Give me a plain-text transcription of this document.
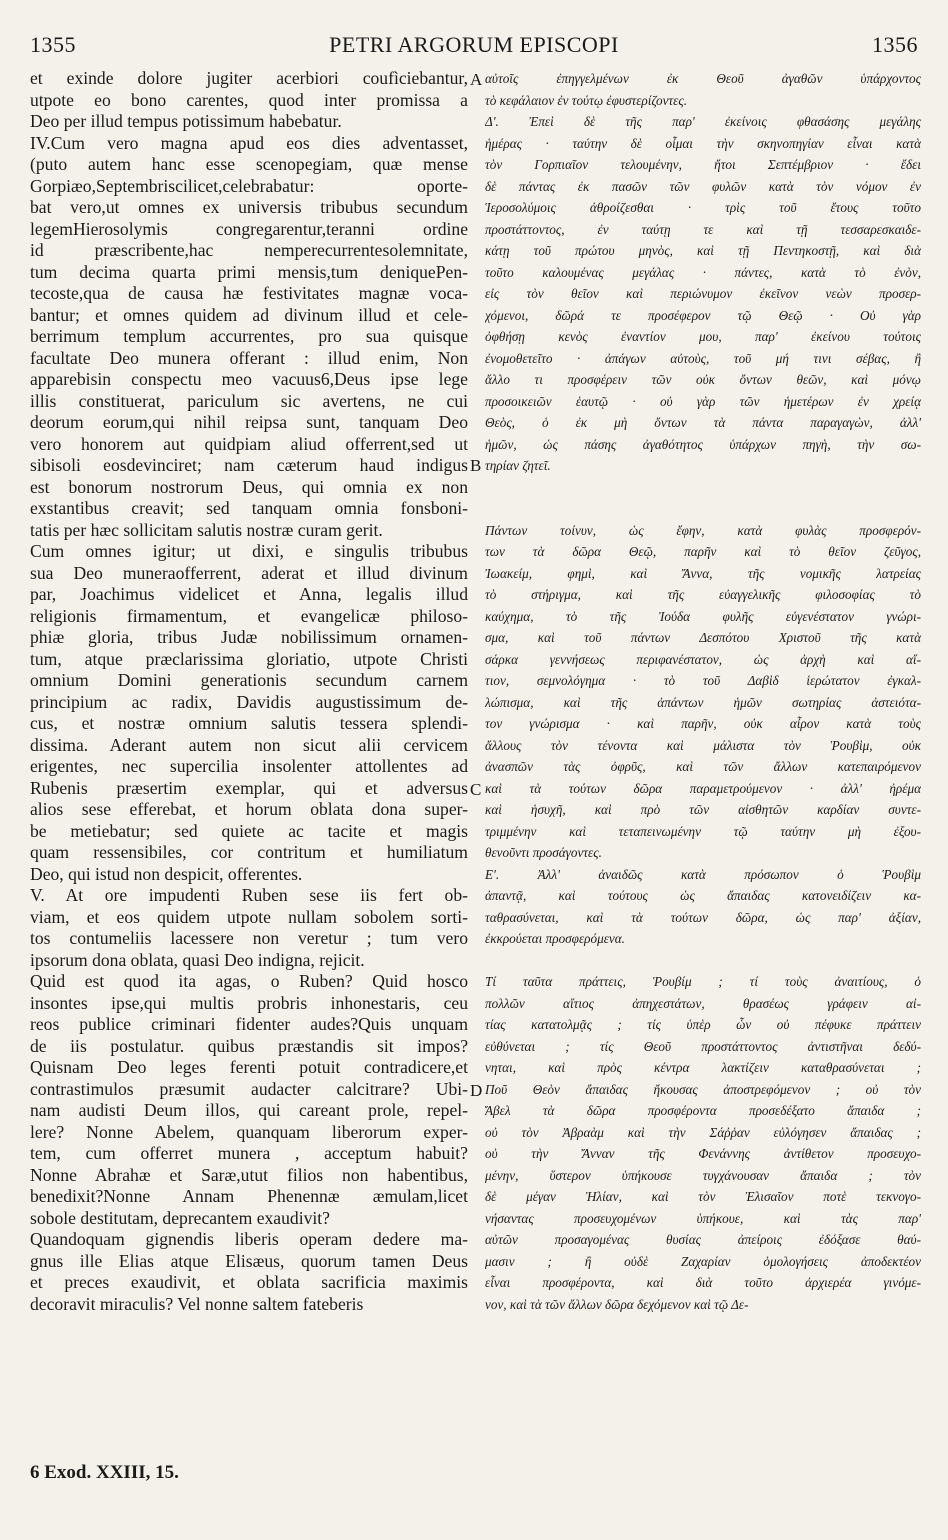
1355	PETRI ARGORUM EPISCOPI	1356
et exinde dolore jugiter acerbiori coufìciebantur,
utpote eo bono carentes, quod inter promissa a
Deo per illud tempus potissimum habebatur.
IV.Cum vero magna apud eos dies adventasset,
(puto autem hanc esse scenopegiam, quæ mense
Gorpiæo,Septembriscilicet,celebrabatur: oporte-
bat vero,ut omnes ex universis tribubus secundum
legemHierosolymis congregarentur,teranni ordine
id præscribente,hac nemperecurrentesolemnitate,
tum decima quarta primi mensis,tum deniquePen-
tecoste,qua de causa hæ festivitates magnæ voca-
bantur; et omnes quidem ad divinum illud et cele-
berrimum templum accurrentes, pro sua quisque
facultate Deo munera offerant : illud enim, Non
apparebisin conspectu meo vacuus6,Deus ipse lege
illis constituerat, pariculum sic avertens, ne cui
deorum eorum,qui nihil reipsa sunt, tanquam Deo
vero honorem aut quidpiam aliud offerrent,sed ut
sibisoli eosdevinciret; nam cæterum haud indigus
est bonorum nostrorum Deus, qui omnia ex non
exstantibus creavit; sed tanquam omnia fonsboni-
tatis per hæc sollicitam salutis nostræ curam gerit.
Cum omnes igitur; ut dixi, e singulis tribubus
sua Deo muneraofferrent, aderat et illud divinum
par, Joachimus videlicet et Anna, legalis illud
religionis firmamentum, et evangelicæ philoso-
phiæ gloria, tribus Judæ nobilissimum ornamen-
tum, atque præclarissima gloriatio, utpote Christi
omnium Domini generationis secundum carnem
principium ac radix, Davidis augustissimum de-
cus, et nostræ omnium salutis tessera splendi-
dissima. Aderant autem non sicut alii cervicem
erigentes, nec supercilia insolenter attollentes ad
Rubenis præsertim exemplar, qui et adversus
alios sese efferebat, et horum oblata dona super-
be metiebatur; sed quiete ac tacite et magis
quam ressensibiles, cor contritum et humiliatum
Deo, qui istud non despicit, offerentes.
V. At ore impudenti Ruben sese iis fert ob-
viam, et eos quidem utpote nullam sobolem sorti-
tos contumeliis lacessere non veretur ; tum vero
ipsorum dona oblata, quasi Deo indigna, rejicit.
Quid est quod ita agas, o Ruben? Quid hosco
insontes ipse,qui multis probris inhonestaris, ceu
reos publice criminari fidenter audes?Quis unquam
de iis postulatur. quibus præstandis sit impos?
Quisnam Deo leges ferenti potuit contradicere,et
contrastimulos præsumit audacter calcitrare? Ubi-
nam audisti Deum illos, qui careant prole, repel-
lere? Nonne Abelem, quanquam liberorum exper-
tem, cum offerret munera , acceptum habuit?
Nonne Abrahæ et Saræ,utut filios non habentibus,
benedixit?Nonne Annam Phenennæ æmulam,licet
sobole destitutam, deprecantem exaudivit?
Quandoquam gignendis liberis operam dedere ma-
gnus ille Elias atque Elisæus, quorum tamen Deus
et preces exaudivit, et oblata sacrificia maximis
decoravit miraculis? Vel nonne saltem fateberis
αὐτοῖς ἐπηγγελμένων ἐκ Θεοῦ ἀγαθῶν ὑπάρχοντος
τὸ κεφάλαιον ἐν τούτῳ ἐφυστερίζοντες.
Δ'. Ἐπεὶ δὲ τῆς παρ' ἐκείνοις φθασάσης μεγάλης
ἡμέρας · ταύτην δὲ οἶμαι τὴν σκηνοπηγίαν εἶναι κατὰ
τὸν Γορπιαῖον τελουμένην, ἤτοι Σεπτέμβριον · ἔδει
δὲ πάντας ἐκ πασῶν τῶν φυλῶν κατὰ τὸν νόμον ἐν
Ἱεροσολύμοις ἀθροίζεσθαι · τρὶς τοῦ ἔτους τοῦτο
προστάττοντος, ἐν ταύτῃ τε καὶ τῇ τεσσαρεσκαιδε-
κάτῃ τοῦ πρώτου μηνὸς, καὶ τῇ Πεντηκοστῇ, καὶ διὰ
τοῦτο καλουμένας μεγάλας · πάντες, κατὰ τὸ ἐνὸν,
εἰς τὸν θεῖον καὶ περιώνυμον ἐκεῖνον νεὼν προσερ-
χόμενοι, δῶρά τε προσέφερον τῷ Θεῷ · Οὐ γὰρ
ὀφθήσῃ κενὸς ἐναντίον μου, παρ' ἐκείνου τούτοις
ἐνομοθετεῖτο · ἀπάγων αὐτοὺς, τοῦ μή τινι σέβας, ἢ
ἄλλο τι προσφέρειν τῶν οὐκ ὄντων θεῶν, καὶ μόνῳ
προσοικειῶν ἑαυτῷ · οὐ γὰρ τῶν ἡμετέρων ἐν χρείᾳ
Θεὸς, ὁ ἐκ μὴ ὄντων τὰ πάντα παραγαγὼν, ἀλλ'
ἡμῶν, ὡς πάσης ἀγαθότητος ὑπάρχων πηγὴ, τὴν σω-
τηρίαν ζητεῖ.
Πάντων τοίνυν, ὡς ἔφην, κατὰ φυλὰς προσφερόν-
των τὰ δῶρα Θεῷ, παρῆν καὶ τὸ θεῖον ζεῦγος,
Ἰωακείμ, φημὶ, καὶ Ἄννα, τῆς νομικῆς λατρείας
τὸ στήριγμα, καὶ τῆς εὐαγγελικῆς φιλοσοφίας τὸ
καύχημα, τὸ τῆς Ἰούδα φυλῆς εὐγενέστατον γνώρι-
σμα, καὶ τοῦ πάντων Δεσπότου Χριστοῦ τῆς κατὰ
σάρκα γεννήσεως περιφανέστατον, ὡς ἀρχὴ καὶ αἴ-
τιον, σεμνολόγημα · τὸ τοῦ Δαβὶδ ἱερώτατον ἐγκαλ-
λώπισμα, καὶ τῆς ἁπάντων ἡμῶν σωτηρίας ἀστειότα-
τον γνώρισμα · καὶ παρῆν, οὐκ αἶρον κατὰ τοὺς
ἄλλους τὸν τένοντα καὶ μάλιστα τὸν Ῥουβὶμ, οὐκ
ἀνασπῶν τὰς ὀφρῦς, καὶ τῶν ἄλλων κατεπαιρόμενον
καὶ τὰ τούτων δῶρα παραμετρούμενον · ἀλλ' ἠρέμα
καὶ ἡσυχῆ, καὶ πρὸ τῶν αἰσθητῶν καρδίαν συντε-
τριμμένην καὶ τεταπεινωμένην τῷ ταύτην μὴ ἐξου-
θενοῦντι προσάγοντες.
Ε'. Ἀλλ' ἀναιδῶς κατὰ πρόσωπον ὁ Ῥουβὶμ
ἀπαντᾷ, καὶ τούτους ὡς ἄπαιδας κατονειδίζειν κα-
ταθρασύνεται, καὶ τὰ τούτων δῶρα, ὡς παρ' ἀξίαν,
ἐκκρούεται προσφερόμενα.
Τί ταῦτα πράττεις, Ῥουβίμ ; τί τοὺς ἀναιτίους, ὁ
πολλῶν αἴτιος ἀπηχεστάτων, θρασέως γράφειν αἰ-
τίας κατατολμᾷς ; τίς ὑπὲρ ὧν οὐ πέφυκε πράττειν
εὐθύνεται ; τίς Θεοῦ προστάττοντος ἀντιστῆναι δεδύ-
νηται, καὶ πρὸς κέντρα λακτίζειν καταθρασύνεται ;
Ποῦ Θεὸν ἄπαιδας ἤκουσας ἀποστρεφόμενον ; οὐ τὸν
Ἄβελ τὰ δῶρα προσφέροντα προσεδέξατο ἄπαιδα ;
οὐ τὸν Ἀβραὰμ καὶ τὴν Σάῤῥαν εὐλόγησεν ἄπαιδας ;
οὐ τὴν Ἄνναν τῆς Φενάννης ἀντίθετον προσευχο-
μένην, ὕστερον ὑπήκουσε τυγχάνουσαν ἄπαιδα ; τὸν
δὲ μέγαν Ἠλίαν, καὶ τὸν Ἐλισαῖον ποτὲ τεκνογο-
νήσαντας προσευχομένων ὑπήκουε, καὶ τὰς παρ'
αὐτῶν προσαγομένας θυσίας ἀπείροις ἐδόξασε θαύ-
μασιν ; ἢ οὐδὲ Ζαχαρίαν ὁμολογήσεις ἀποδεκτέον
εἶναι προσφέροντα, καὶ διὰ τοῦτο ἀρχιερέα γινόμε-
νον, καὶ τὰ τῶν ἄλλων δῶρα δεχόμενον καὶ τῷ Δε-
A
B
C
D
6 Exod. XXIII, 15.
